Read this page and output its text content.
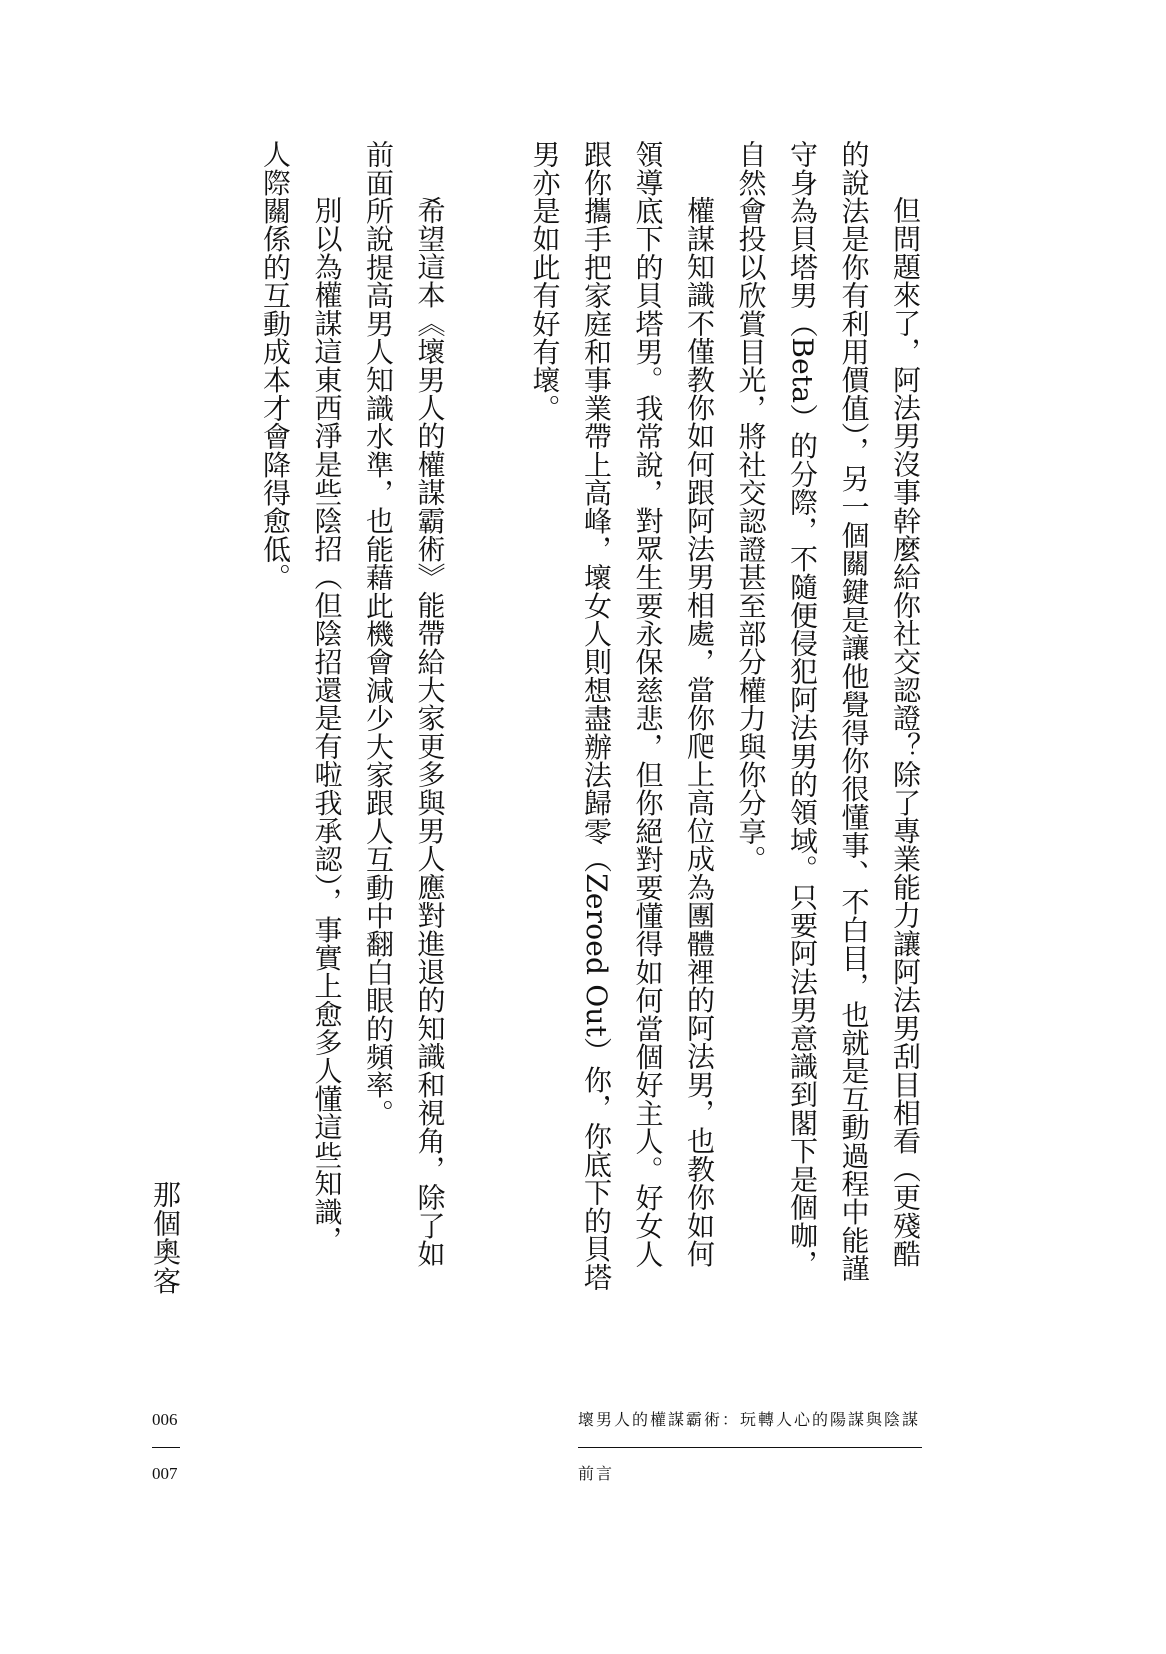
但問題來了，阿法男沒事幹麼給你社交認證？除了專業能力讓阿法男刮目相看（更殘酷
的說法是你有利用價值），另一個關鍵是讓他覺得你很懂事、不白目，也就是互動過程中能謹
守身為貝塔男（Beta）的分際，不隨便侵犯阿法男的領域。只要阿法男意識到閣下是個咖，
自然會投以欣賞目光，將社交認證甚至部分權力與你分享。
權謀知識不僅教你如何跟阿法男相處，當你爬上高位成為團體裡的阿法男，也教你如何
領導底下的貝塔男。我常說，對眾生要永保慈悲，但你絕對要懂得如何當個好主人。好女人
跟你攜手把家庭和事業帶上高峰，壞女人則想盡辦法歸零（Zeroed Out）你，你底下的貝塔
男亦是如此有好有壞。
希望這本《壞男人的權謀霸術》能帶給大家更多與男人應對進退的知識和視角，除了如
前面所說提高男人知識水準，也能藉此機會減少大家跟人互動中翻白眼的頻率。
別以為權謀這東西淨是些陰招（但陰招還是有啦我承認），事實上愈多人懂這些知識，
人際關係的互動成本才會降得愈低。
那個奧客
006
007
壞男人的權謀霸術：玩轉人心的陽謀與陰謀
前言
